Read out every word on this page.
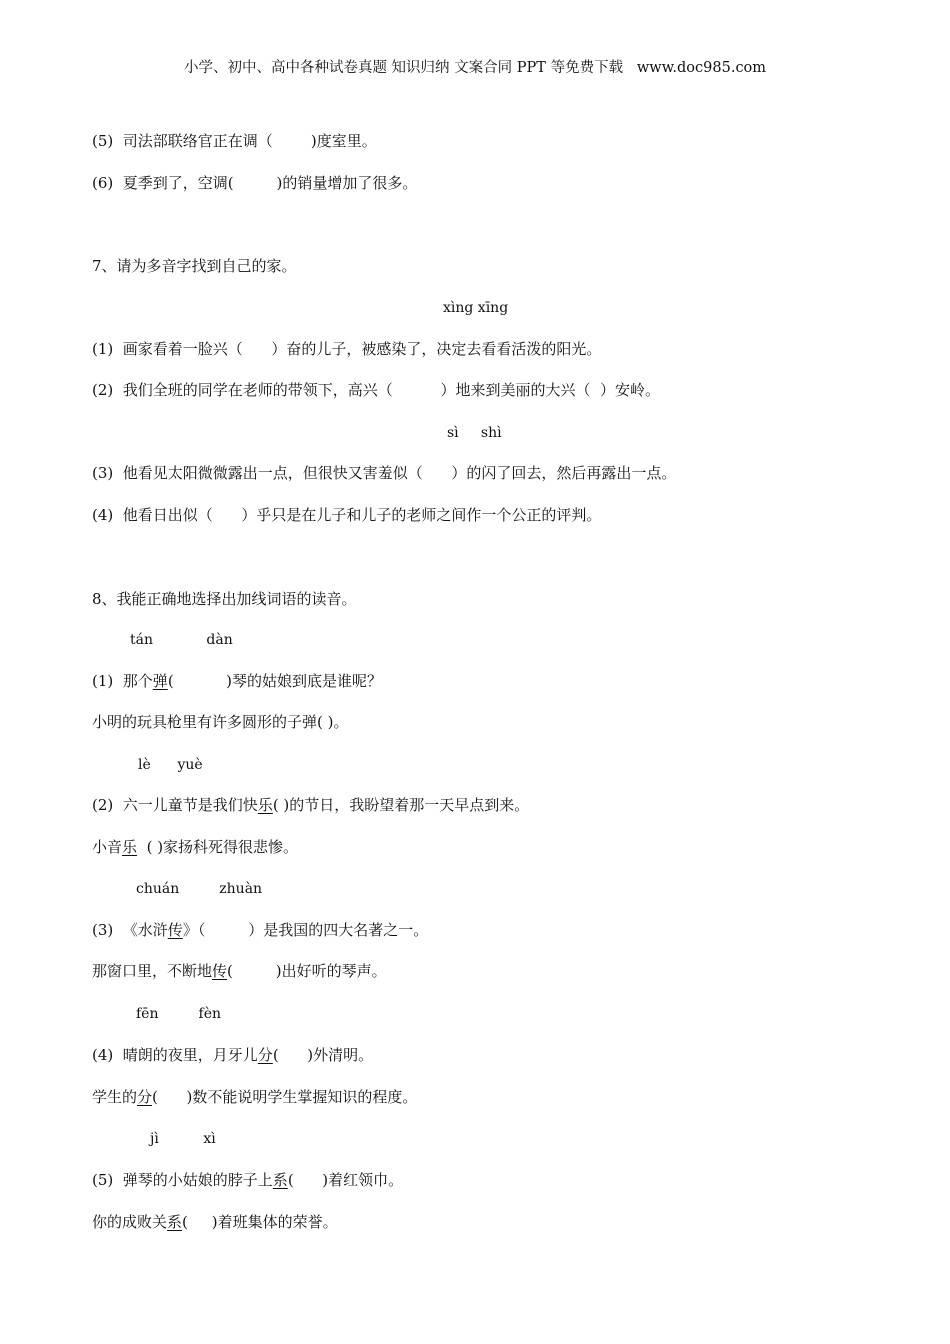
小学、初中、高中各种试卷真题 知识归纳 文案合同 PPT 等免费下载   www.doc985.com
(5)  司法部联络官正在调（        )度室里。
(6)  夏季到了，空调(         )的销量增加了很多。
7、请为多音字找到自己的家。
xìng xīng
(1)  画家看着一脸兴（      ）奋的儿子，被感染了，决定去看看活泼的阳光。
(2)  我们全班的同学在老师的带领下，高兴（          ）地来到美丽的大兴（  ）安岭。
sì     shì
(3)  他看见太阳微微露出一点，但很快又害羞似（      ）的闪了回去，然后再露出一点。
(4)  他看日出似（      ）乎只是在儿子和儿子的老师之间作一个公正的评判。
8、我能正确地选择出加线词语的读音。
tán            dàn
(1)  那个弹(           )琴的姑娘到底是谁呢？
小明的玩具枪里有许多圆形的子弹( )。
lè      yuè
(2)  六一儿童节是我们快乐( )的节日，我盼望着那一天早点到来。
小音乐  ( )家扬科死得很悲惨。
chuán         zhuàn
(3)  《水浒传》（         ）是我国的四大名著之一。
那窗口里，不断地传(         )出好听的琴声。
fēn         fèn
(4)  晴朗的夜里，月牙儿分(      )外清明。
学生的分(      )数不能说明学生掌握知识的程度。
jì          xì
(5)  弹琴的小姑娘的脖子上系(      )着红领巾。
你的成败关系(     )着班集体的荣誉。
